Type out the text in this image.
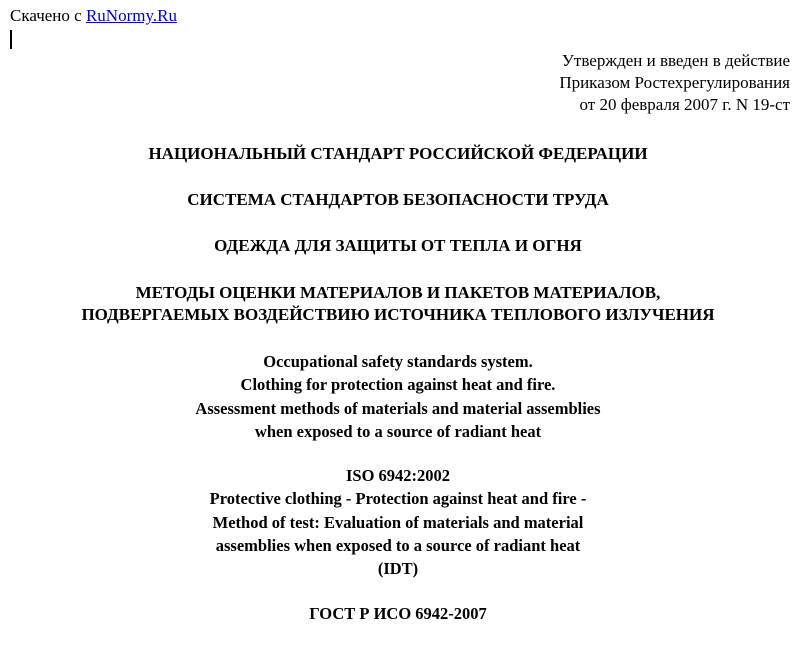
Скачено с RuNormy.Ru
Утвержден и введен в действие
Приказом Ростехрегулирования
от 20 февраля 2007 г. N 19-ст
НАЦИОНАЛЬНЫЙ СТАНДАРТ РОССИЙСКОЙ ФЕДЕРАЦИИ
СИСТЕМА СТАНДАРТОВ БЕЗОПАСНОСТИ ТРУДА
ОДЕЖДА ДЛЯ ЗАЩИТЫ ОТ ТЕПЛА И ОГНЯ
МЕТОДЫ ОЦЕНКИ МАТЕРИАЛОВ И ПАКЕТОВ МАТЕРИАЛОВ,
ПОДВЕРГАЕМЫХ ВОЗДЕЙСТВИЮ ИСТОЧНИКА ТЕПЛОВОГО ИЗЛУЧЕНИЯ
Occupational safety standards system.
Clothing for protection against heat and fire.
Assessment methods of materials and material assemblies
when exposed to a source of radiant heat
ISO 6942:2002
Protective clothing - Protection against heat and fire -
Method of test: Evaluation of materials and material
assemblies when exposed to a source of radiant heat
(IDT)
ГОСТ Р ИСО 6942-2007
